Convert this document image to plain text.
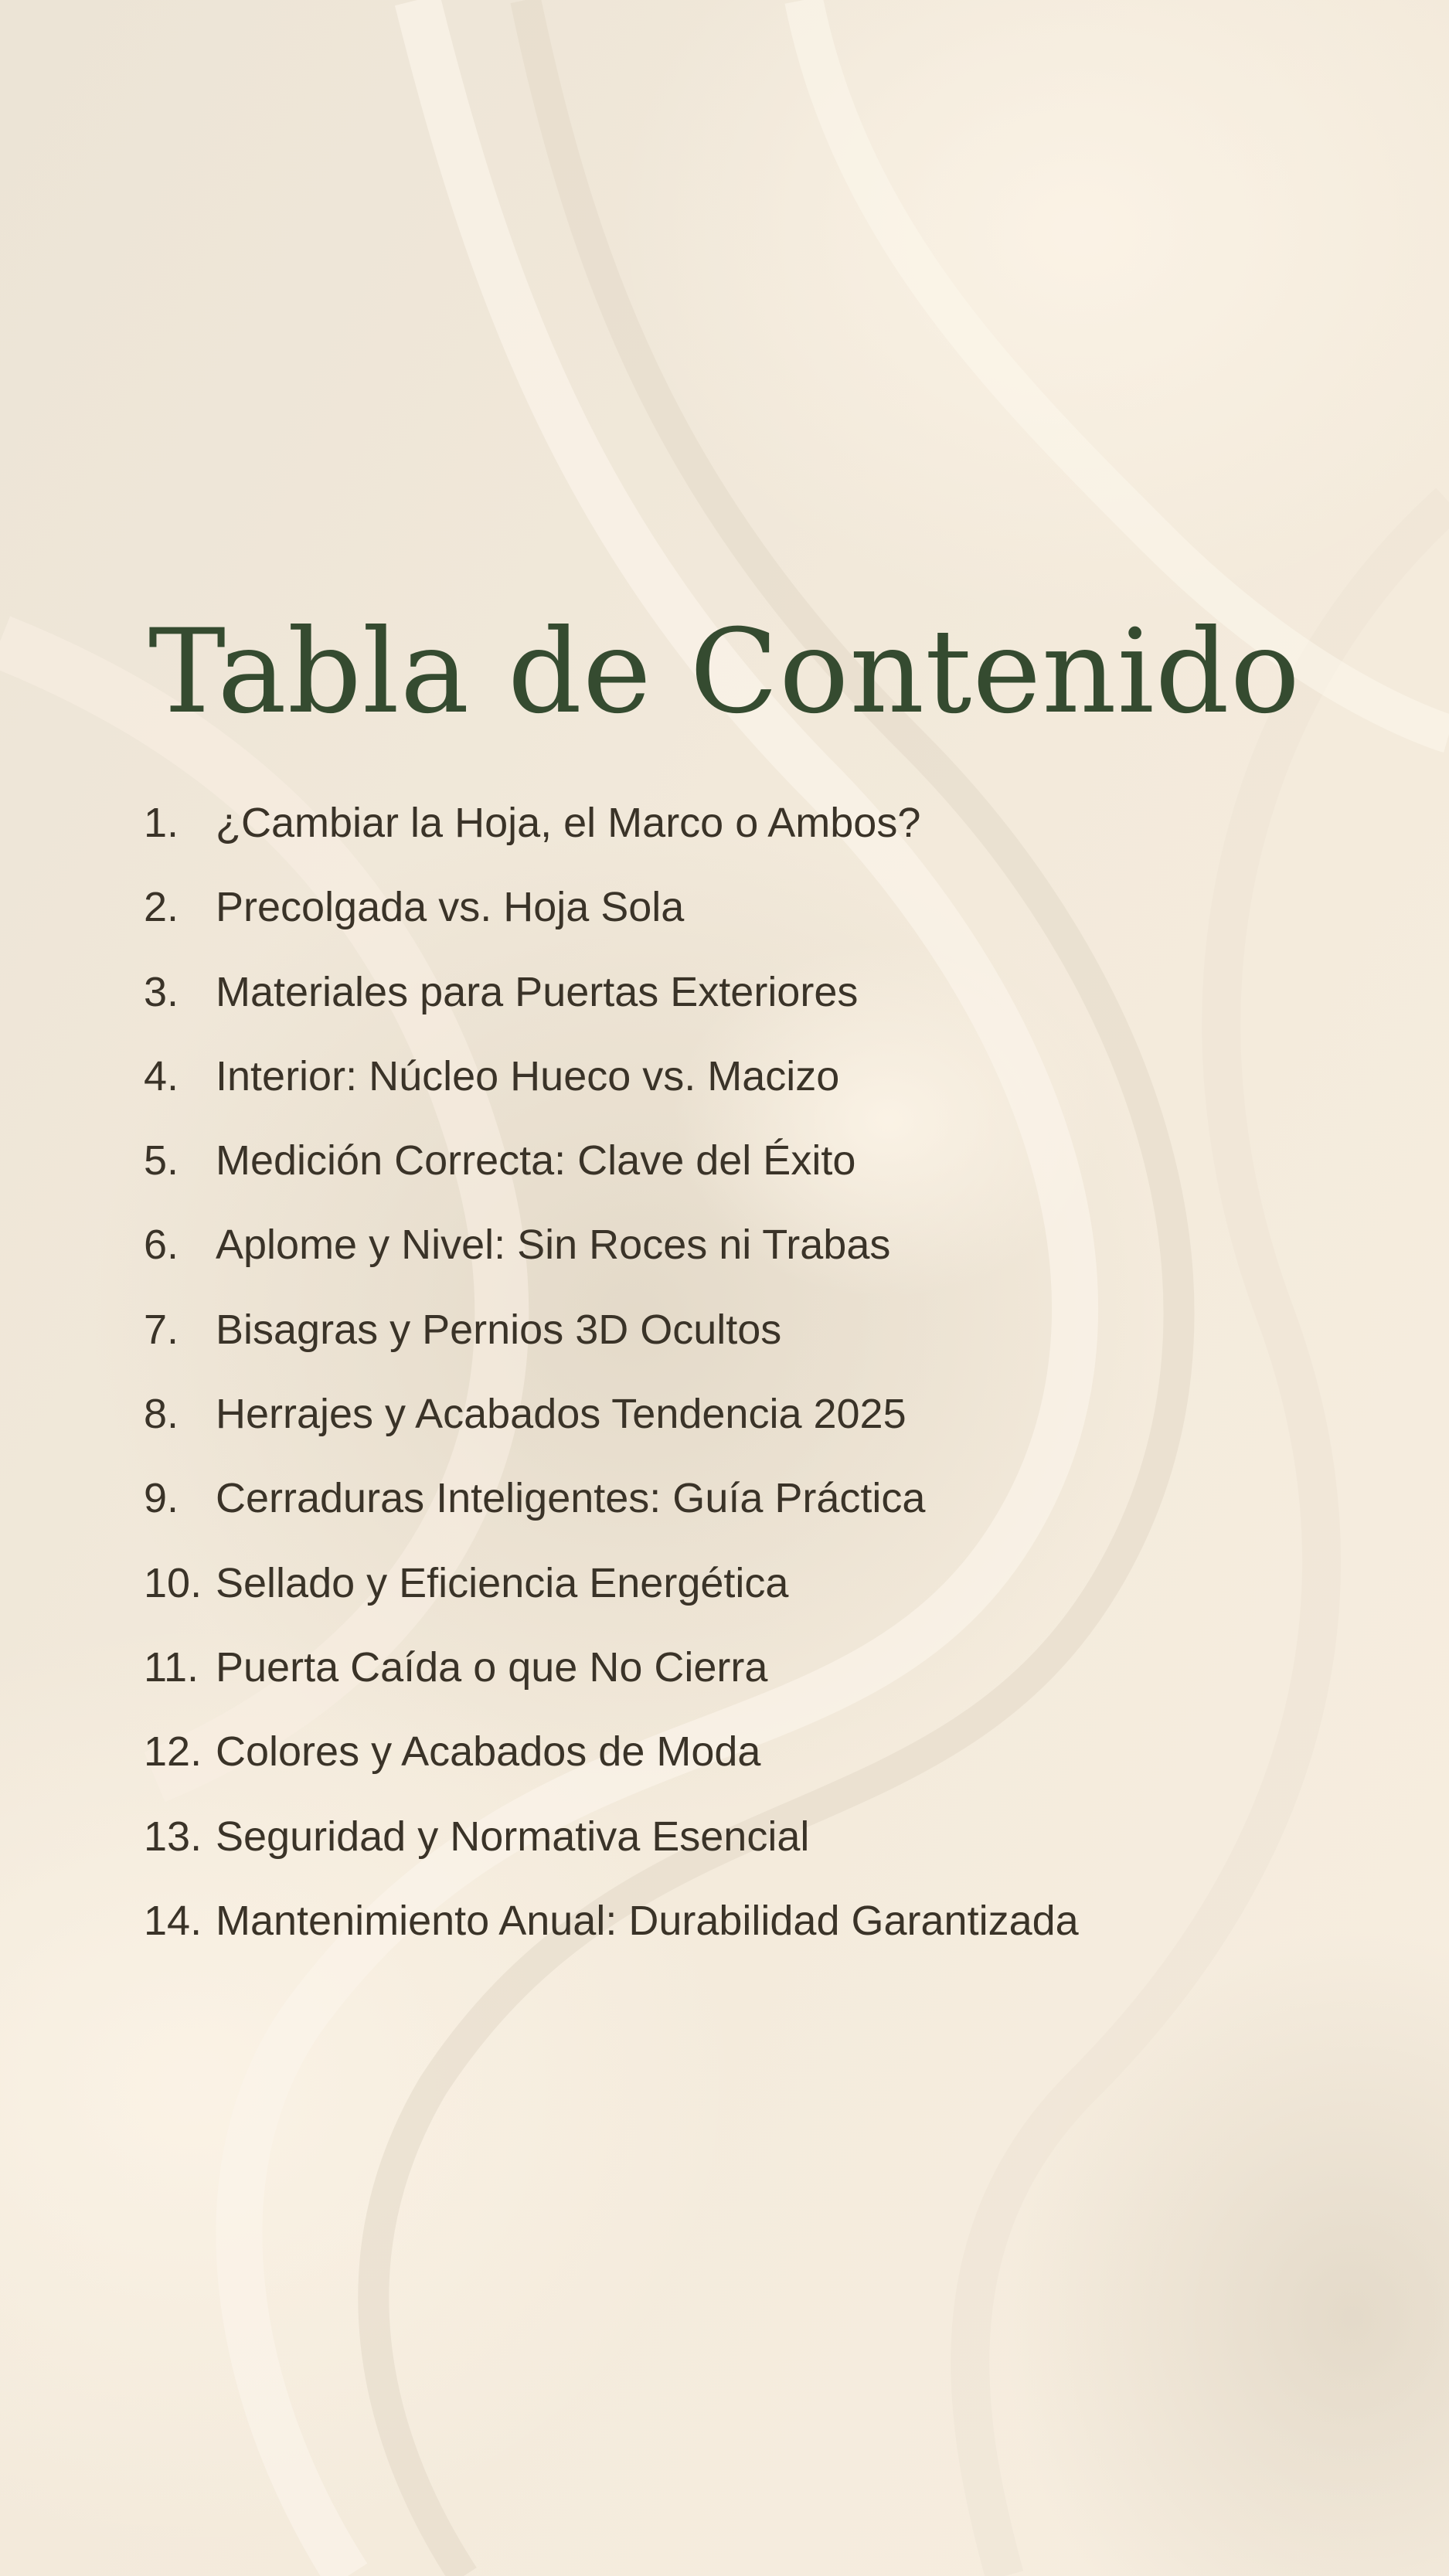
Tabla de Contenido
1. ¿Cambiar la Hoja, el Marco o Ambos?
2. Precolgada vs. Hoja Sola
3. Materiales para Puertas Exteriores
4. Interior: Núcleo Hueco vs. Macizo
5. Medición Correcta: Clave del Éxito
6. Aplome y Nivel: Sin Roces ni Trabas
7. Bisagras y Pernios 3D Ocultos
8. Herrajes y Acabados Tendencia 2025
9. Cerraduras Inteligentes: Guía Práctica
10. Sellado y Eficiencia Energética
11. Puerta Caída o que No Cierra
12. Colores y Acabados de Moda
13. Seguridad y Normativa Esencial
14. Mantenimiento Anual: Durabilidad Garantizada
